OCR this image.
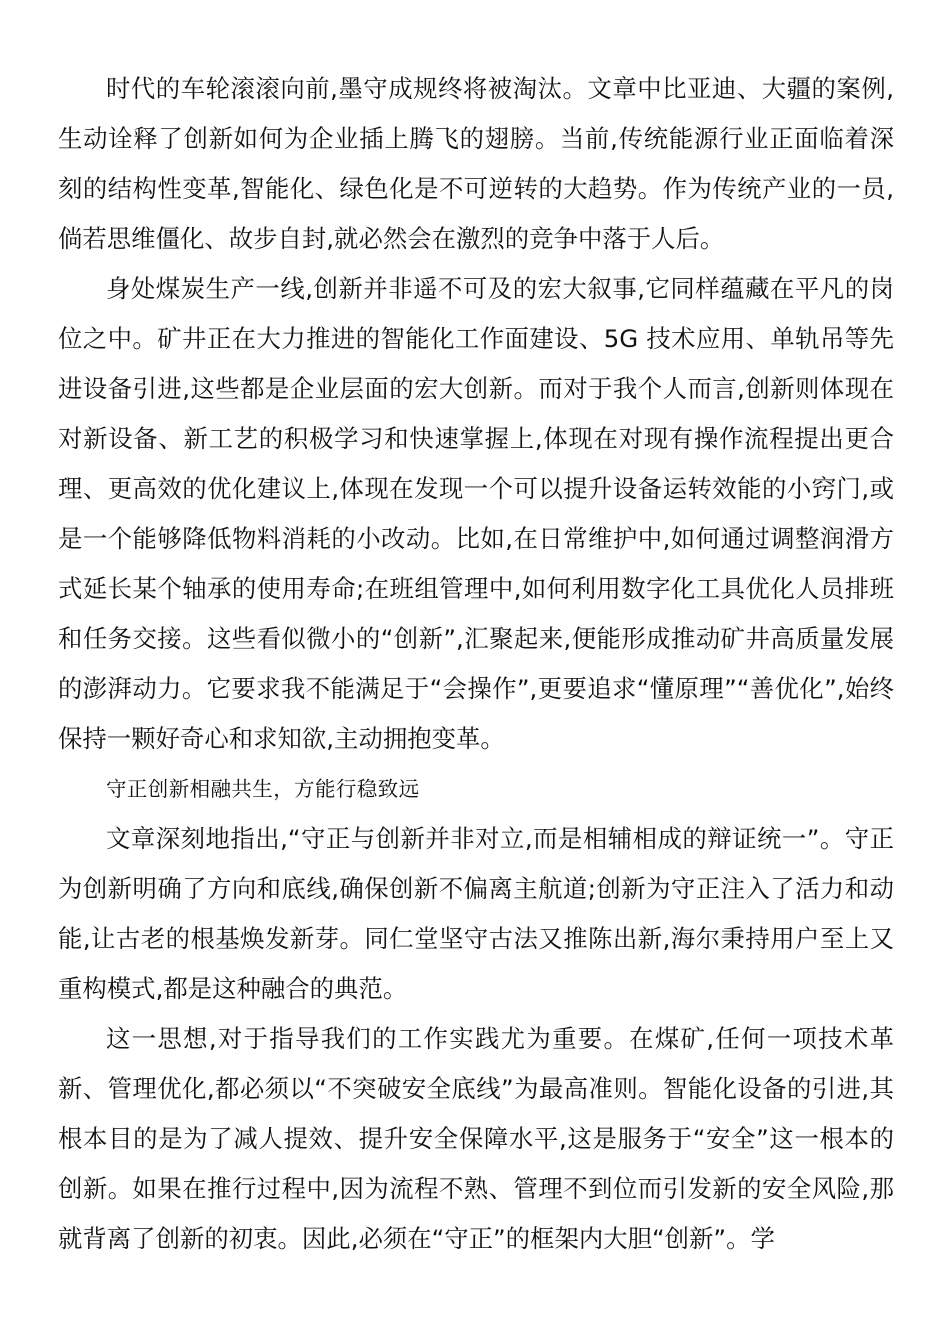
时代的车轮滚滚向前,墨守成规终将被淘汰。文章中比亚迪、大疆的案例,生动诠释了创新如何为企业插上腾飞的翅膀。当前,传统能源行业正面临着深刻的结构性变革,智能化、绿色化是不可逆转的大趋势。作为传统产业的一员,倘若思维僵化、故步自封,就必然会在激烈的竞争中落于人后。

身处煤炭生产一线,创新并非遥不可及的宏大叙事,它同样蕴藏在平凡的岗位之中。矿井正在大力推进的智能化工作面建设、5G 技术应用、单轨吊等先进设备引进,这些都是企业层面的宏大创新。而对于我个人而言,创新则体现在对新设备、新工艺的积极学习和快速掌握上,体现在对现有操作流程提出更合理、更高效的优化建议上,体现在发现一个可以提升设备运转效能的小窍门,或是一个能够降低物料消耗的小改动。比如,在日常维护中,如何通过调整润滑方式延长某个轴承的使用寿命;在班组管理中,如何利用数字化工具优化人员排班和任务交接。这些看似微小的“创新”,汇聚起来,便能形成推动矿井高质量发展的澎湃动力。它要求我不能满足于“会操作”,更要追求“懂原理”“善优化”,始终保持一颗好奇心和求知欲,主动拥抱变革。

守正创新相融共生，方能行稳致远

文章深刻地指出,“守正与创新并非对立,而是相辅相成的辩证统一”。守正为创新明确了方向和底线,确保创新不偏离主航道;创新为守正注入了活力和动能,让古老的根基焕发新芽。同仁堂坚守古法又推陈出新,海尔秉持用户至上又重构模式,都是这种融合的典范。

这一思想,对于指导我们的工作实践尤为重要。在煤矿,任何一项技术革新、管理优化,都必须以“不突破安全底线”为最高准则。智能化设备的引进,其根本目的是为了减人提效、提升安全保障水平,这是服务于“安全”这一根本的创新。如果在推行过程中,因为流程不熟、管理不到位而引发新的安全风险,那就背离了创新的初衷。因此,必须在“守正”的框架内大胆“创新”。学
